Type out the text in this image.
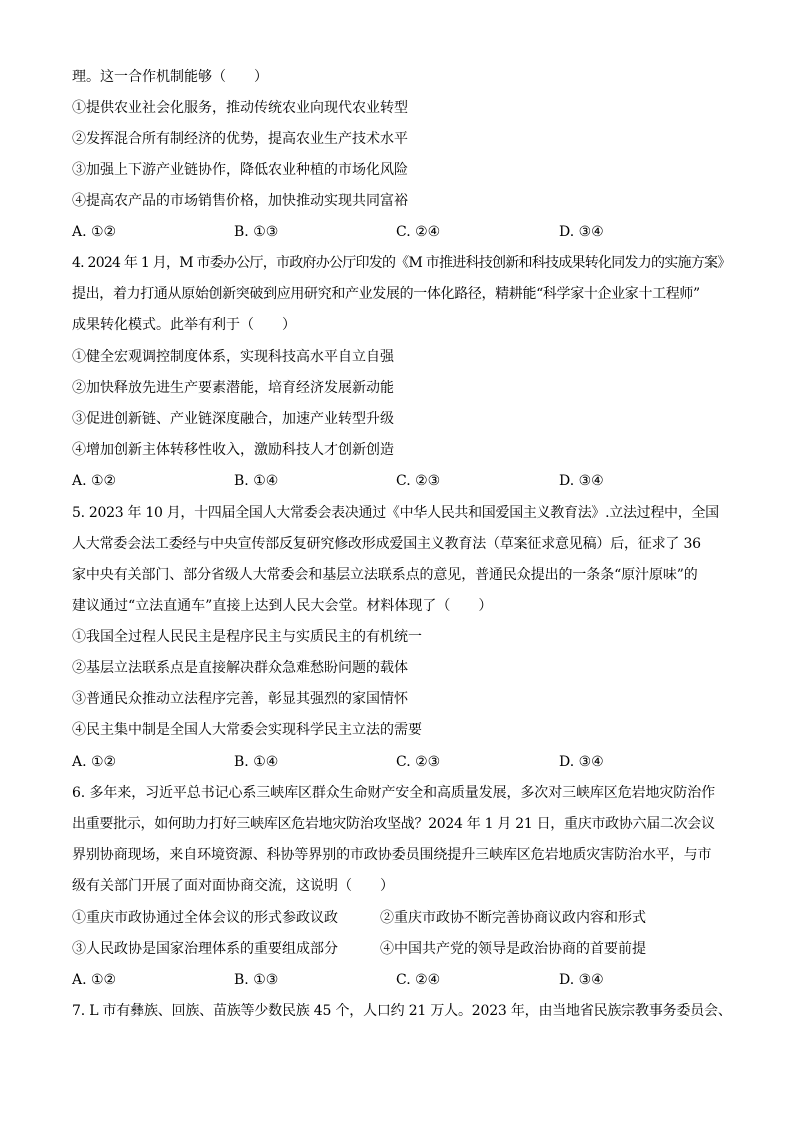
理。这一合作机制能够（　　）
①提供农业社会化服务，推动传统农业向现代农业转型
②发挥混合所有制经济的优势，提高农业生产技术水平
③加强上下游产业链协作，降低农业种植的市场化风险
④提高农产品的市场销售价格，加快推动实现共同富裕
A. ①②	B. ①③	C. ②④	D. ③④
4. 2024 年 1 月，M 市委办公厅，市政府办公厅印发的《M 市推进科技创新和科技成果转化同发力的实施方案》
提出，着力打通从原始创新突破到应用研究和产业发展的一体化路径，精耕能“科学家十企业家十工程师”
成果转化模式。此举有利于（　　）
①健全宏观调控制度体系，实现科技高水平自立自强
②加快释放先进生产要素潜能，培育经济发展新动能
③促进创新链、产业链深度融合，加速产业转型升级
④增加创新主体转移性收入，激励科技人才创新创造
A. ①②	B. ①④	C. ②③	D. ③④
5. 2023 年 10 月，十四届全国人大常委会表决通过《中华人民共和国爱国主义教育法》.立法过程中，全国
人大常委会法工委经与中央宣传部反复研究修改形成爱国主义教育法（草案征求意见稿）后，征求了 36
家中央有关部门、部分省级人大常委会和基层立法联系点的意见，普通民众提出的一条条“原汁原味”的
建议通过“立法直通车”直接上达到人民大会堂。材料体现了（　　）
①我国全过程人民民主是程序民主与实质民主的有机统一
②基层立法联系点是直接解决群众急难愁盼问题的载体
③普通民众推动立法程序完善，彰显其强烈的家国情怀
④民主集中制是全国人大常委会实现科学民主立法的需要
A. ①②	B. ①④	C. ②③	D. ③④
6. 多年来，习近平总书记心系三峡库区群众生命财产安全和高质量发展，多次对三峡库区危岩地灾防治作
出重要批示，如何助力打好三峡库区危岩地灾防治攻坚战？2024 年 1 月 21 日，重庆市政协六届二次会议
界别协商现场，来自环境资源、科协等界别的市政协委员围绕提升三峡库区危岩地质灾害防治水平，与市
级有关部门开展了面对面协商交流，这说明（　　）
①重庆市政协通过全体会议的形式参政议政	②重庆市政协不断完善协商议政内容和形式
③人民政协是国家治理体系的重要组成部分	④中国共产党的领导是政治协商的首要前提
A. ①②	B. ①③	C. ②④	D. ③④
7. L 市有彝族、回族、苗族等少数民族 45 个，人口约 21 万人。2023 年，由当地省民族宗教事务委员会、
